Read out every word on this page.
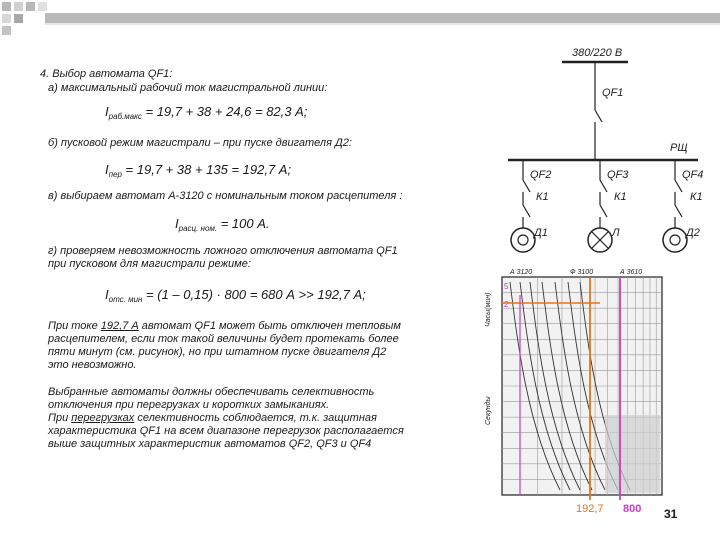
4. Выбор автомата QF1:
а) максимальный рабочий ток магистральной линии:
$I_{раб.макс} = 19,7 + 38 + 24,6 = 82,3$ А;
б) пусковой режим магистрали – при пуске двигателя Д2:
$I_{пер} = 19,7 + 38 + 135 = 192,7$ А;
в) выбираем автомат А-3120 с номинальным током расцепителя :
$I_{расц. ном.} = 100$ А.
г) проверяем невозможность ложного отключения автомата QF1
при пусковом для магистрали режиме:
$I_{отс. мин} = (1 - 0,15) \cdot 800 = 680$ А >> 192,7 А;
При токе 192,7 А автомат QF1 может быть отключен тепловым
расцепителем, если ток такой величины будет протекать более
пяти минут (см. рисунок), но при штатном пуске двигателя Д2
это невозможно.
Выбранные автоматы должны обеспечивать селективность
отключения при перегрузках и коротких замыканиях.
При перегрузках селективность соблюдается, т.к. защитная
характеристика QF1 на всем диапазоне перегрузок располагается
выше защитных характеристик автоматов QF2, QF3 и QF4
380/220 В
QF1
РЩ
QF2
К1
Д1
QF3
К1
Л
QF4
К1
Д2
А 3120	Ф 3100	А 3610
Часы(мин)
Секунды
5
2
192,7 800 31
